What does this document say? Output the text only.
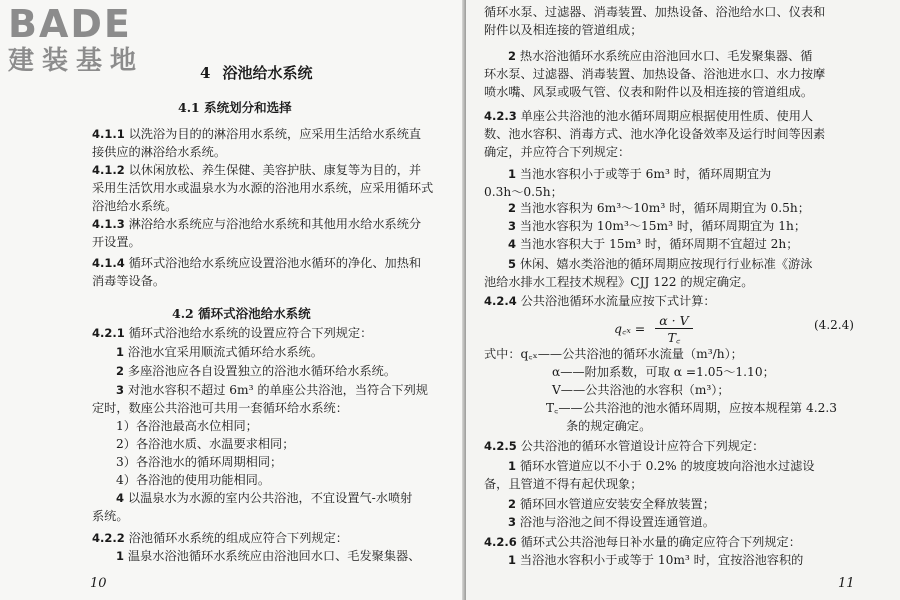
BADE
建装基地	4 浴池给水系统
4.1 系统划分和选择
4.2 循环式浴池给水系统
4.1.1 以洗浴为目的的淋浴用水系统，应采用生活给水系统直
接供应的淋浴给水系统。
4.1.2 以休闲放松、养生保健、美容护肤、康复等为目的，并
采用生活饮用水或温泉水为水源的浴池用水系统，应采用循环式
浴池给水系统。
4.1.3 淋浴给水系统应与浴池给水系统和其他用水给水系统分
开设置。
4.1.4 循环式浴池给水系统应设置浴池水循环的净化、加热和
消毒等设备。
4.2.1 循环式浴池给水系统的设置应符合下列规定：
1 浴池水宜采用顺流式循环给水系统。
2 多座浴池应各自设置独立的浴池水循环给水系统。
3 对池水容积不超过 6m³ 的单座公共浴池，当符合下列规
定时，数座公共浴池可共用一套循环给水系统：
1）各浴池最高水位相同；
2）各浴池水质、水温要求相同；
3）各浴池水的循环周期相同；
4）各浴池的使用功能相同。
4 以温泉水为水源的室内公共浴池，不宜设置气-水喷射
系统。
4.2.2 浴池循环水系统的组成应符合下列规定：
1 温泉水浴池循环水系统应由浴池回水口、毛发聚集器、
10
循环水泵、过滤器、消毒装置、加热设备、浴池给水口、仪表和
附件以及相连接的管道组成；
2 热水浴池循环水系统应由浴池回水口、毛发聚集器、循
环水泵、过滤器、消毒装置、加热设备、浴池进水口、水力按摩
喷水嘴、风泵或吸气管、仪表和附件以及相连接的管道组成。
4.2.3 单座公共浴池的池水循环周期应根据使用性质、使用人
数、池水容积、消毒方式、池水净化设备效率及运行时间等因素
确定，并应符合下列规定：
1 当池水容积小于或等于 6m³ 时，循环周期宜为
0.3h～0.5h；
2 当池水容积为 6m³～10m³ 时，循环周期宜为 0.5h；
3 当池水容积为 10m³～15m³ 时，循环周期宜为 1h；
4 当池水容积大于 15m³ 时，循环周期不宜超过 2h；
5 休闲、嬉水类浴池的循环周期应按现行行业标准《游泳
池给水排水工程技术规程》CJJ 122 的规定确定。
4.2.4 公共浴池循环水流量应按下式计算：
q꜀ₓ = $\frac{\alpha \cdot V}{T꜀}$	(4.2.4)
式中：q꜀ₓ——公共浴池的循环水流量（m³/h）；
α——附加系数，可取 α =1.05～1.10；
V——公共浴池的水容积（m³）；
T꜀——公共浴池的池水循环周期，应按本规程第 4.2.3
条的规定确定。
4.2.5 公共浴池的循环水管道设计应符合下列规定：
1 循环水管道应以不小于 0.2% 的坡度坡向浴池水过滤设
备，且管道不得有起伏现象；
2 循环回水管道应安装安全释放装置；
3 浴池与浴池之间不得设置连通管道。
4.2.6 循环式公共浴池每日补水量的确定应符合下列规定：
1 当浴池水容积小于或等于 10m³ 时，宜按浴池容积的
11
